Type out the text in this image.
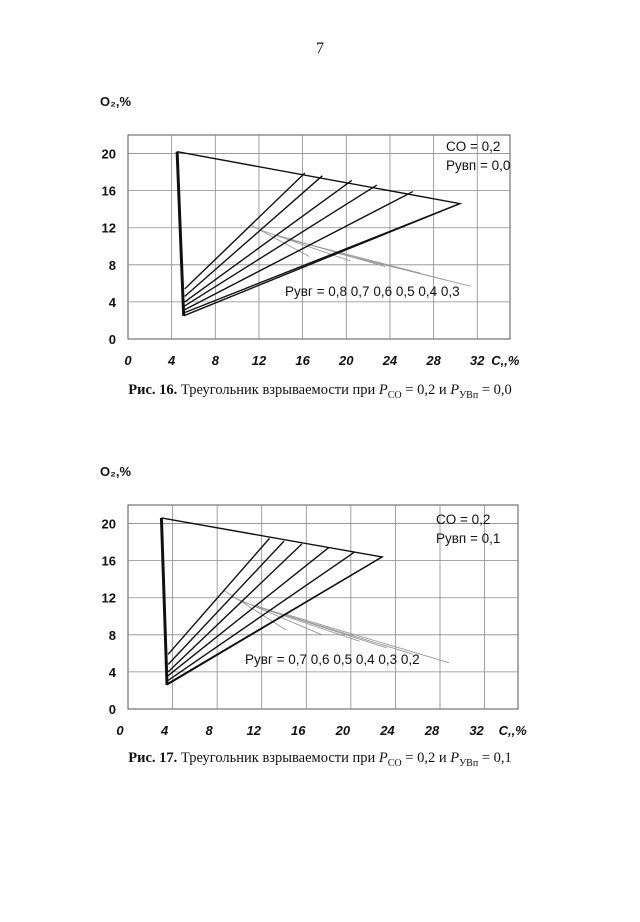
7
0	4	8	12 16 20 24 28 32
0
4
8
12
16
20
O₂,%
C,,%
CO = 0,2
Pувп = 0,0
Pувг = 0,8 0,7 0,6 0,5 0,4 0,3
Рис. 16. Треугольник взрываемости при $P_{CO} = 0,2$ и $P_{УВп} = 0,0$
0	4	8	12 16 20 24 28 32
0
4
8
12
16
20
O₂,%
C,,%
CO = 0,2
Pувп = 0,1
Pувг = 0,7 0,6 0,5 0,4 0,3 0,2
Рис. 17. Треугольник взрываемости при $P_{CO} = 0,2$ и $P_{УВп} = 0,1$
